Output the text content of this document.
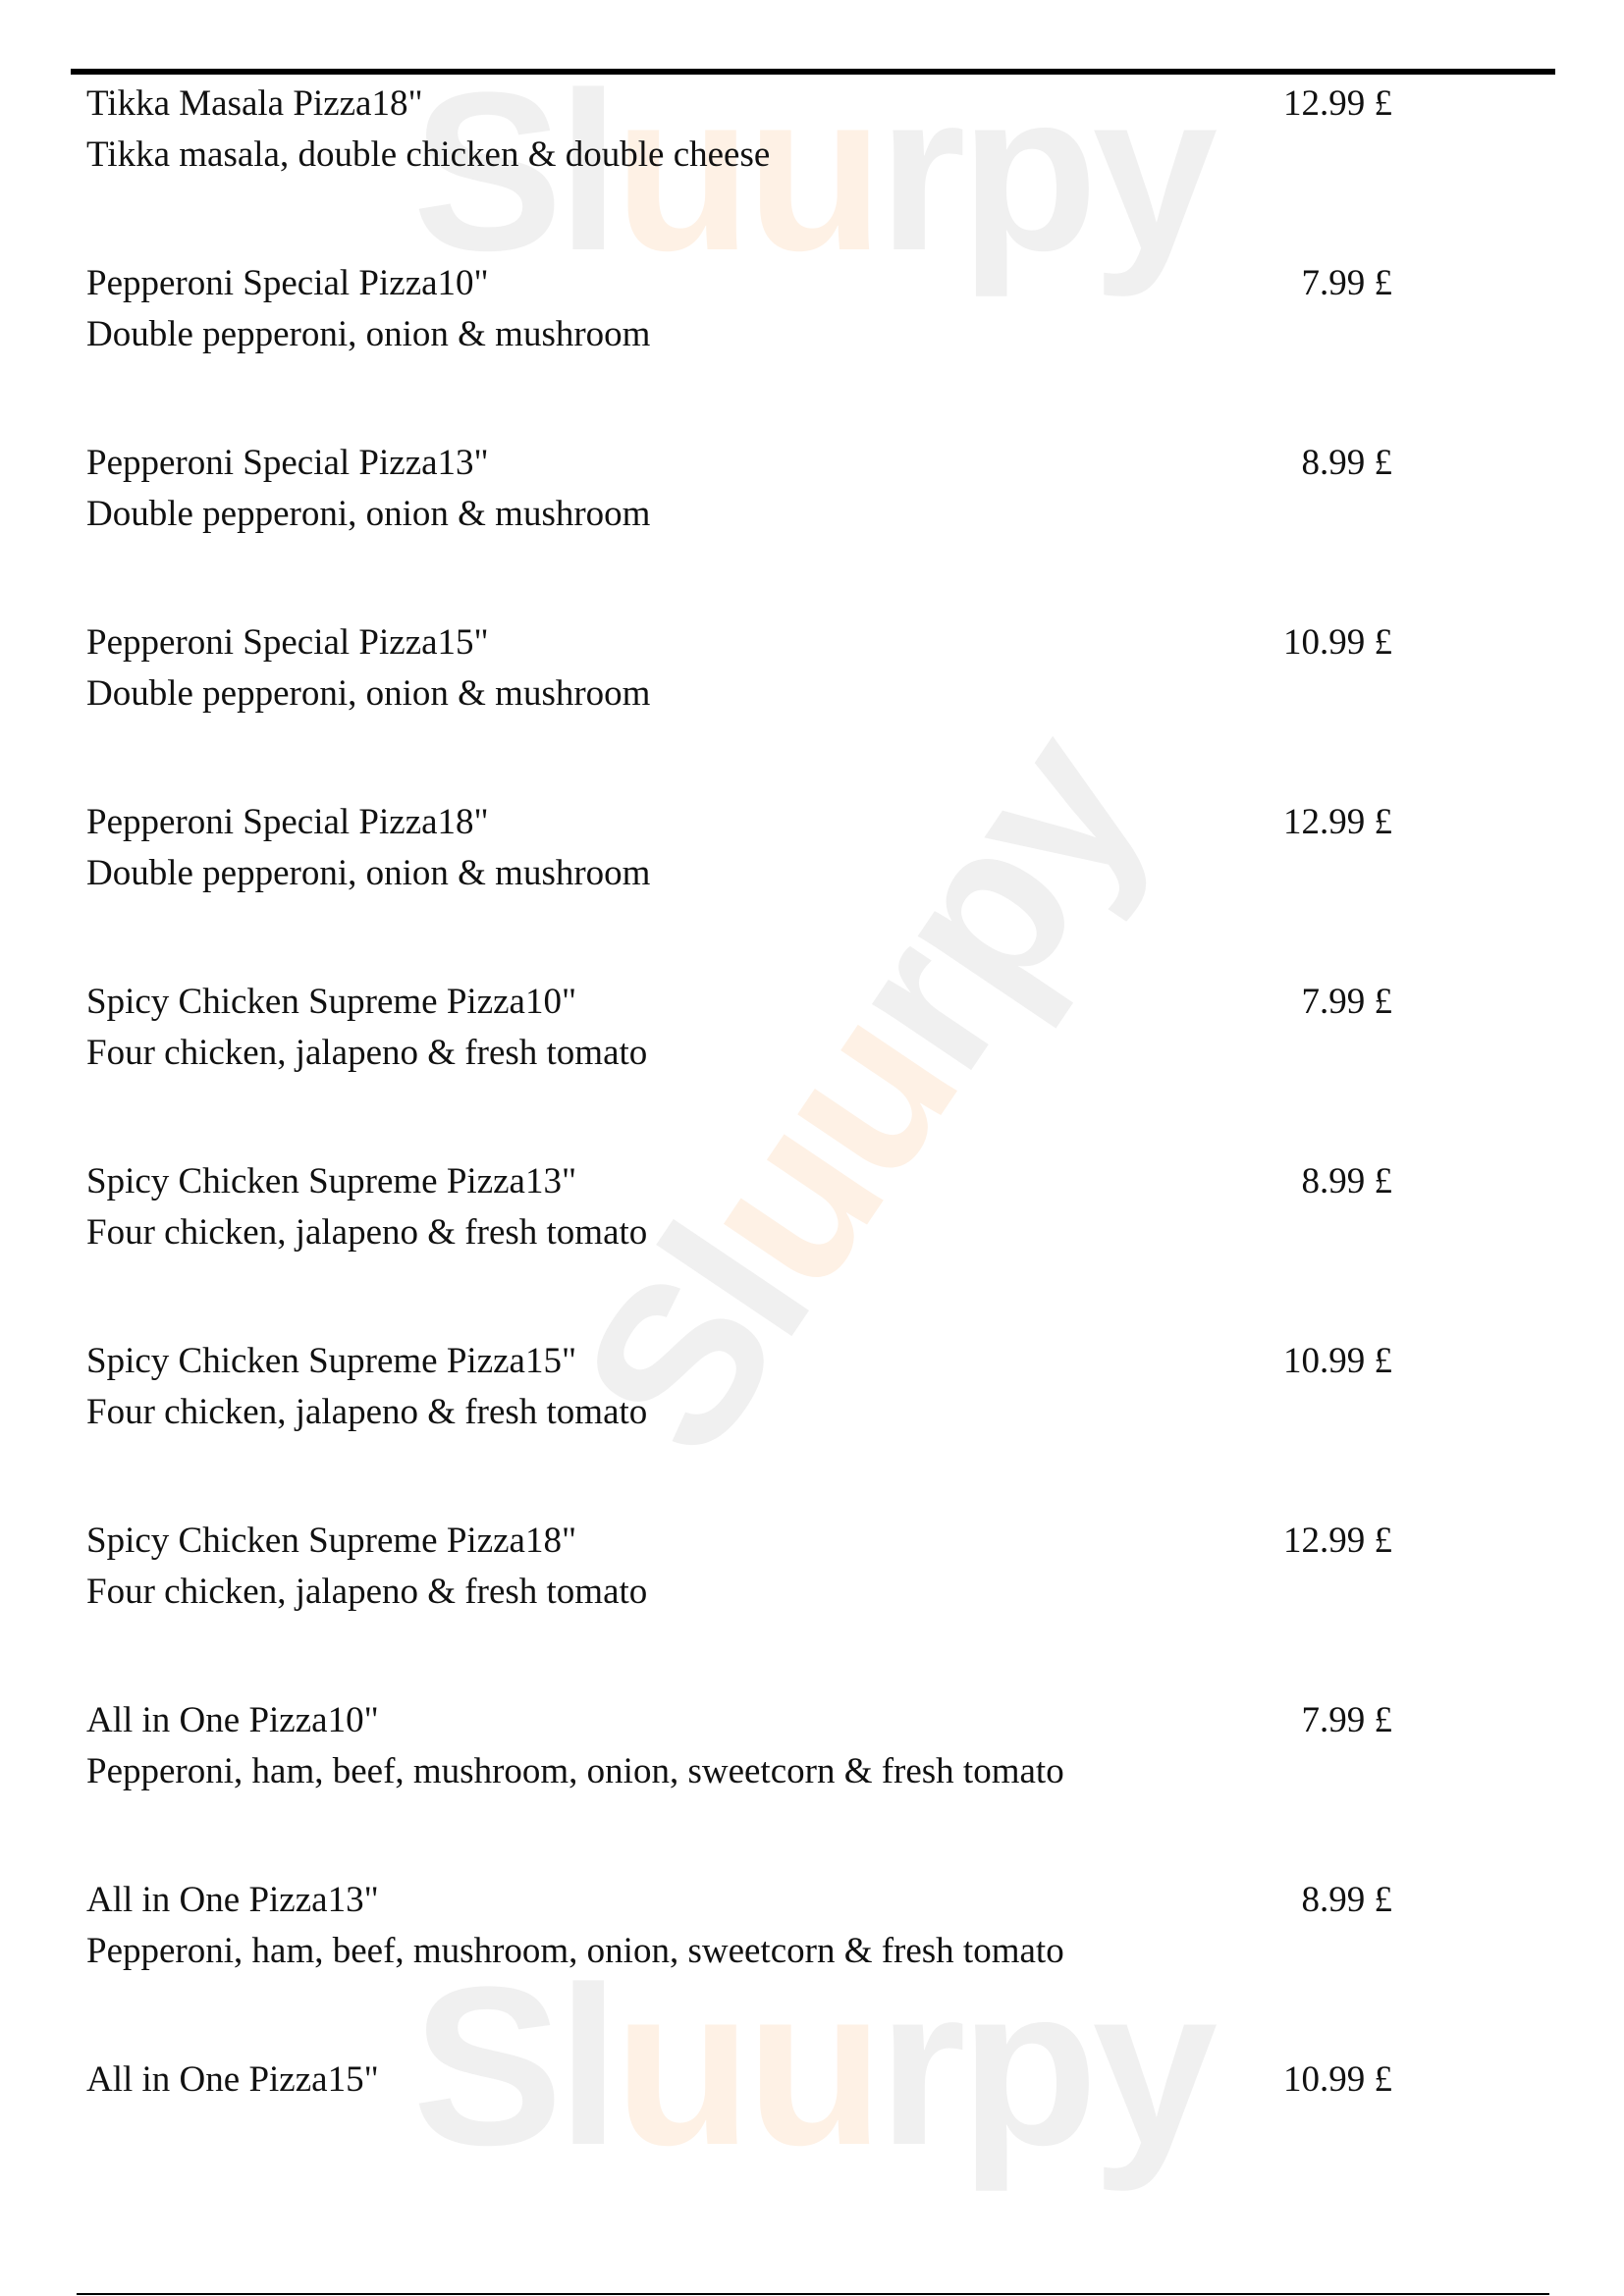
Sluurpy
Sluurpy
Sluurpy
Tikka Masala Pizza18"
Tikka masala, double chicken & double cheese
12.99 £
Pepperoni Special Pizza10"
Double pepperoni, onion & mushroom
7.99 £
Pepperoni Special Pizza13"
Double pepperoni, onion & mushroom
8.99 £
Pepperoni Special Pizza15"
Double pepperoni, onion & mushroom
10.99 £
Pepperoni Special Pizza18"
Double pepperoni, onion & mushroom
12.99 £
Spicy Chicken Supreme Pizza10"
Four chicken, jalapeno & fresh tomato
7.99 £
Spicy Chicken Supreme Pizza13"
Four chicken, jalapeno & fresh tomato
8.99 £
Spicy Chicken Supreme Pizza15"
Four chicken, jalapeno & fresh tomato
10.99 £
Spicy Chicken Supreme Pizza18"
Four chicken, jalapeno & fresh tomato
12.99 £
All in One Pizza10"
Pepperoni, ham, beef, mushroom, onion, sweetcorn & fresh tomato
7.99 £
All in One Pizza13"
Pepperoni, ham, beef, mushroom, onion, sweetcorn & fresh tomato
8.99 £
All in One Pizza15"	10.99 £
